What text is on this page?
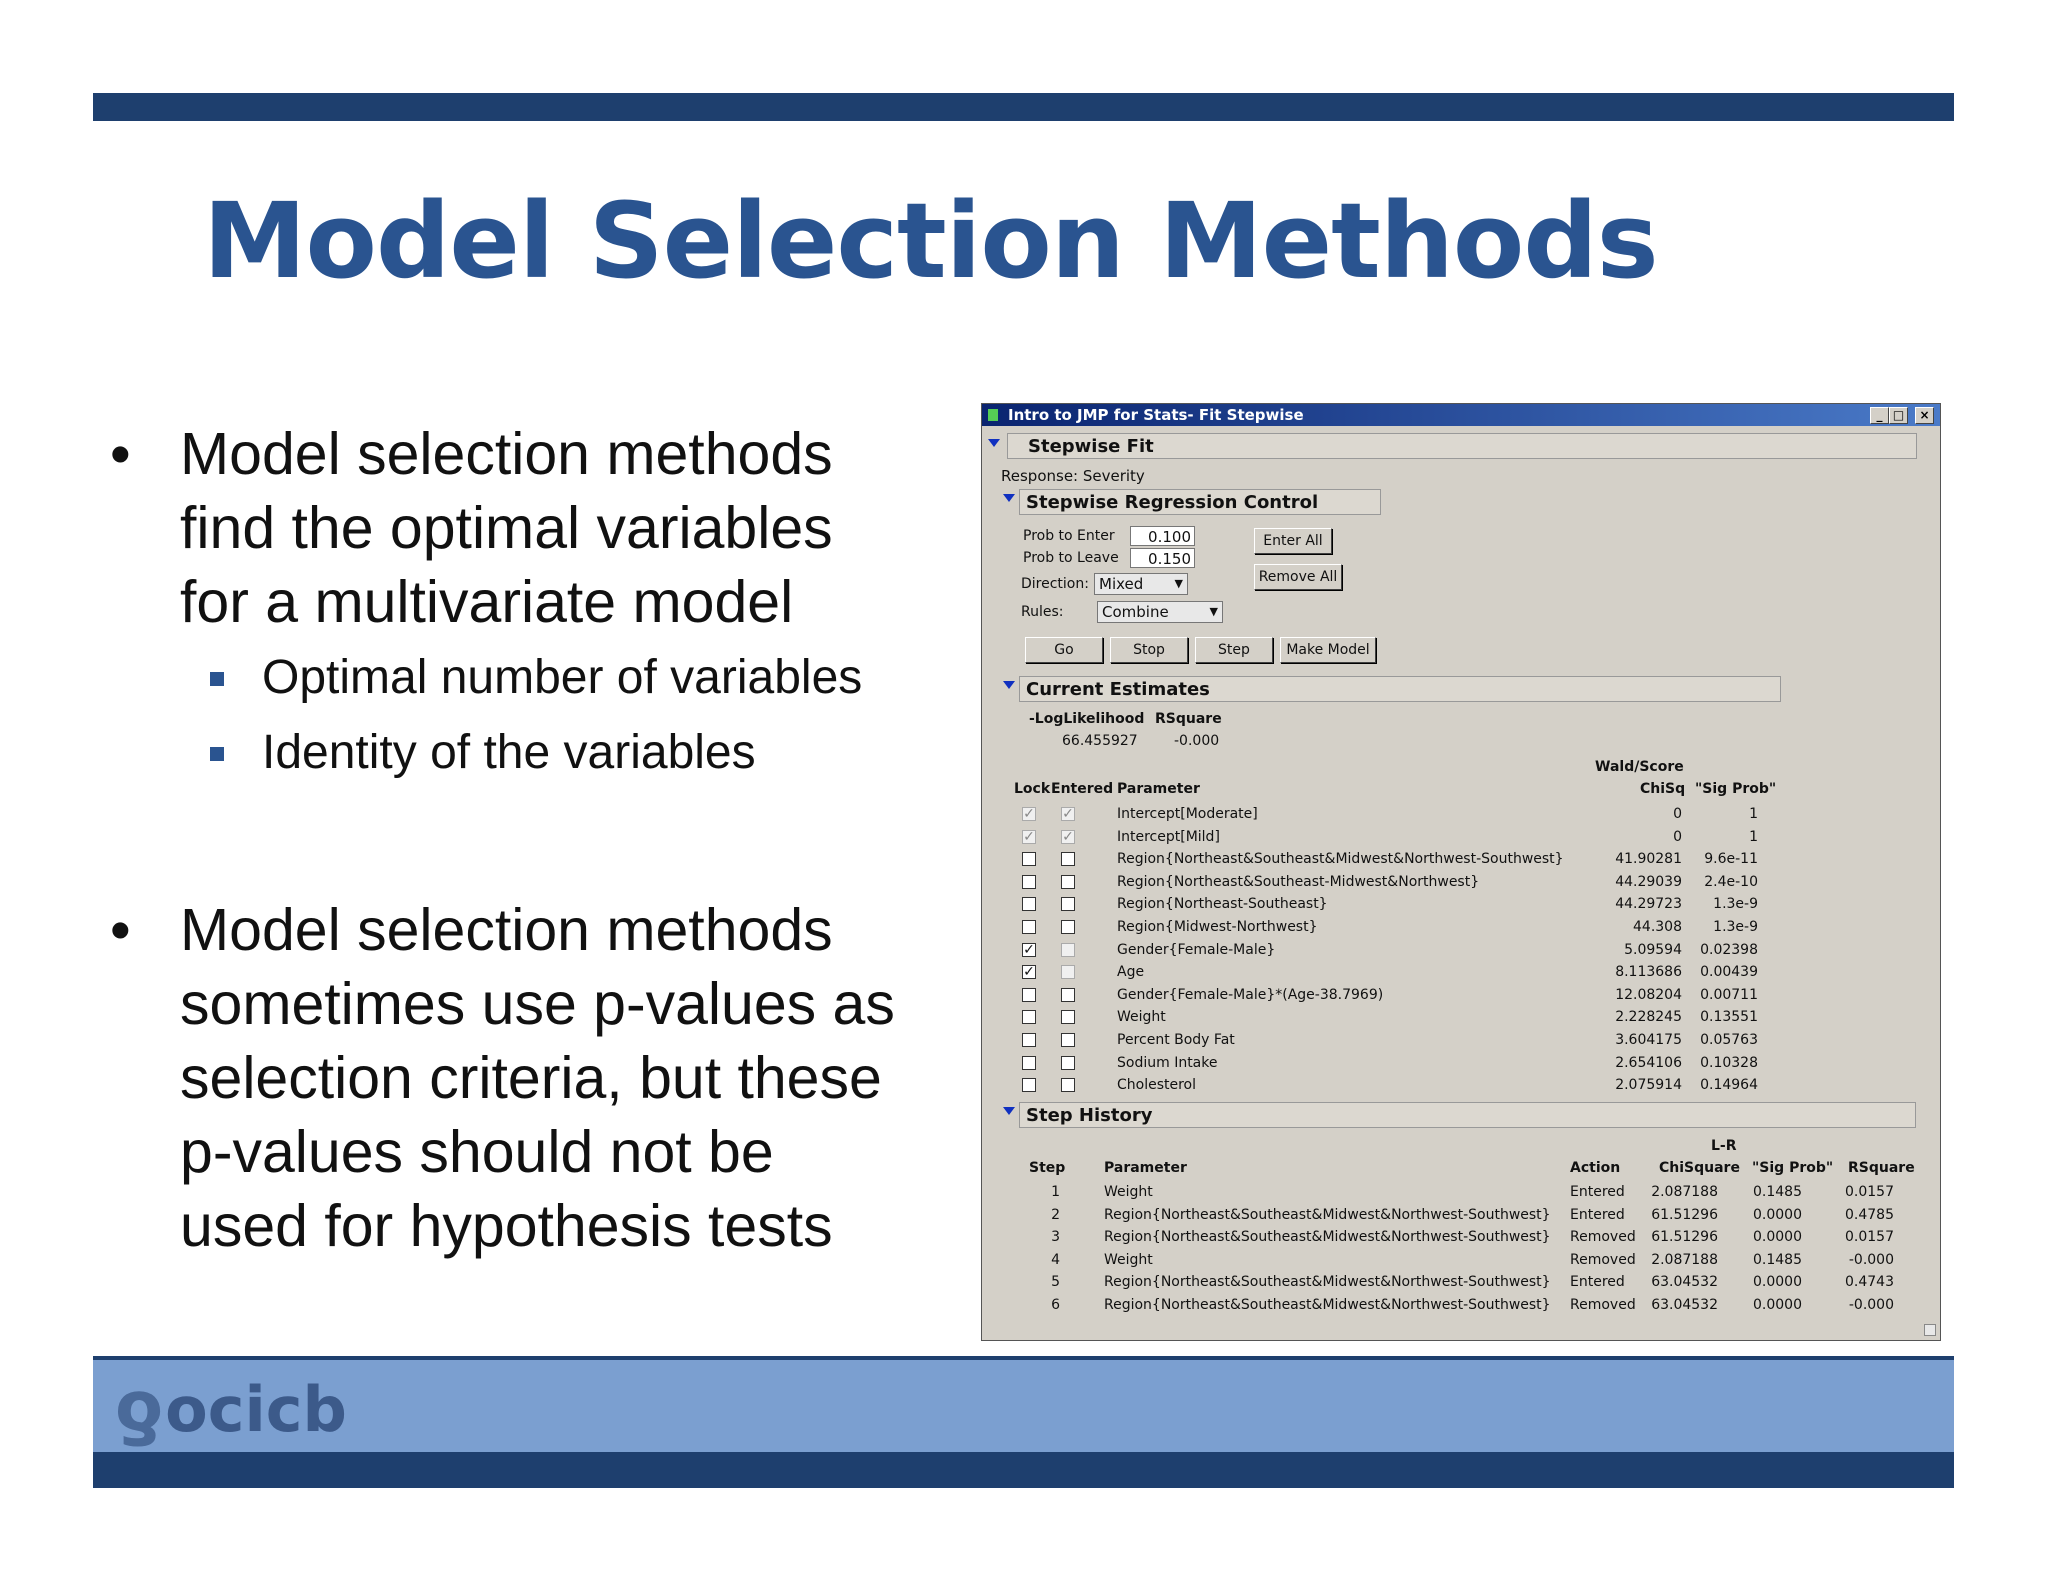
Model Selection Methods
• Model selection methods
find the optimal variables
for a multivariate model
Optimal number of variables
Identity of the variables
• Model selection methods
sometimes use p-values as
selection criteria, but these
p-values should not be
used for hypothesis tests
Intro to JMP for Stats- Fit Stepwise	_ □	×
Stepwise Fit
Response: Severity
Stepwise Regression Control
Prob to Enter	0.100
Prob to Leave	0.150
Direction: Mixed	▼
Rules:	Combine	▼
Enter All
Remove All
Go	Stop	Step	Make Model
Current Estimates
-LogLikelihood RSquare
66.455927	-0.000
Wald/Score
Lock Entered Parameter	ChiSq "Sig Prob"
✓ ✓	Intercept[Moderate]	0	1
✓ ✓	Intercept[Mild]	0	1
Region{Northeast&Southeast&Midwest&Northwest-Southwest}	41.90281	9.6e-11
Region{Northeast&Southeast-Midwest&Northwest}	44.29039	2.4e-10
Region{Northeast-Southeast}	44.29723	1.3e-9
Region{Midwest-Northwest}	44.308	1.3e-9
✓	Gender{Female-Male}	5.09594	0.02398
✓	Age	8.113686	0.00439
Gender{Female-Male}*(Age-38.7969)	12.08204	0.00711
Weight	2.228245	0.13551
Percent Body Fat	3.604175	0.05763
Sodium Intake	2.654106	0.10328
Cholesterol	2.075914	0.14964
Step History
L-R
Step	Parameter	Action	ChiSquare "Sig Prob" RSquare
1	Weight	Entered	2.087188	0.1485	0.0157
2	Region{Northeast&Southeast&Midwest&Northwest-Southwest} Entered	61.51296	0.0000	0.4785
3	Region{Northeast&Southeast&Midwest&Northwest-Southwest} Removed	61.51296	0.0000	0.0157
4	Weight	Removed	2.087188	0.1485	-0.000
5	Region{Northeast&Southeast&Midwest&Northwest-Southwest} Entered	63.04532	0.0000	0.4743
6	Region{Northeast&Southeast&Midwest&Northwest-Southwest} Removed	63.04532	0.0000	-0.000
ƍocicb
